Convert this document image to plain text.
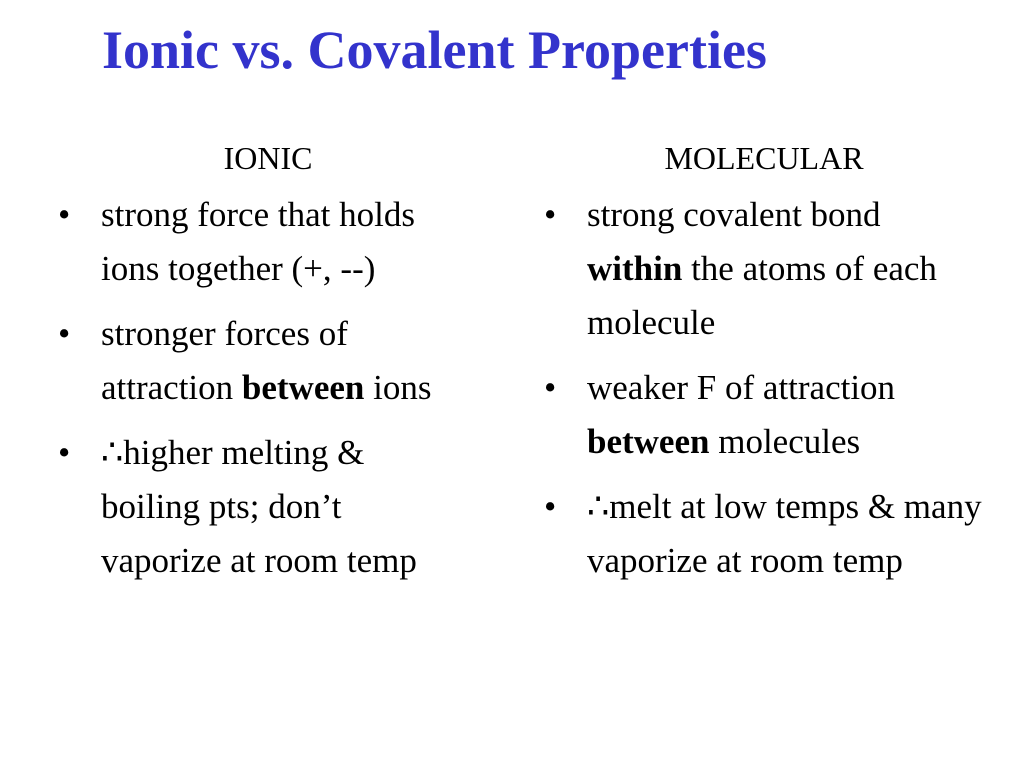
Ionic vs. Covalent Properties
IONIC
• strong force that holds ions together (+, --)
• stronger forces of attraction between ions
• ∴higher melting & boiling pts; don’t vaporize at room temp
MOLECULAR
• strong covalent bond within the atoms of each molecule
• weaker F of attraction between molecules
• ∴melt at low temps & many vaporize at room temp
